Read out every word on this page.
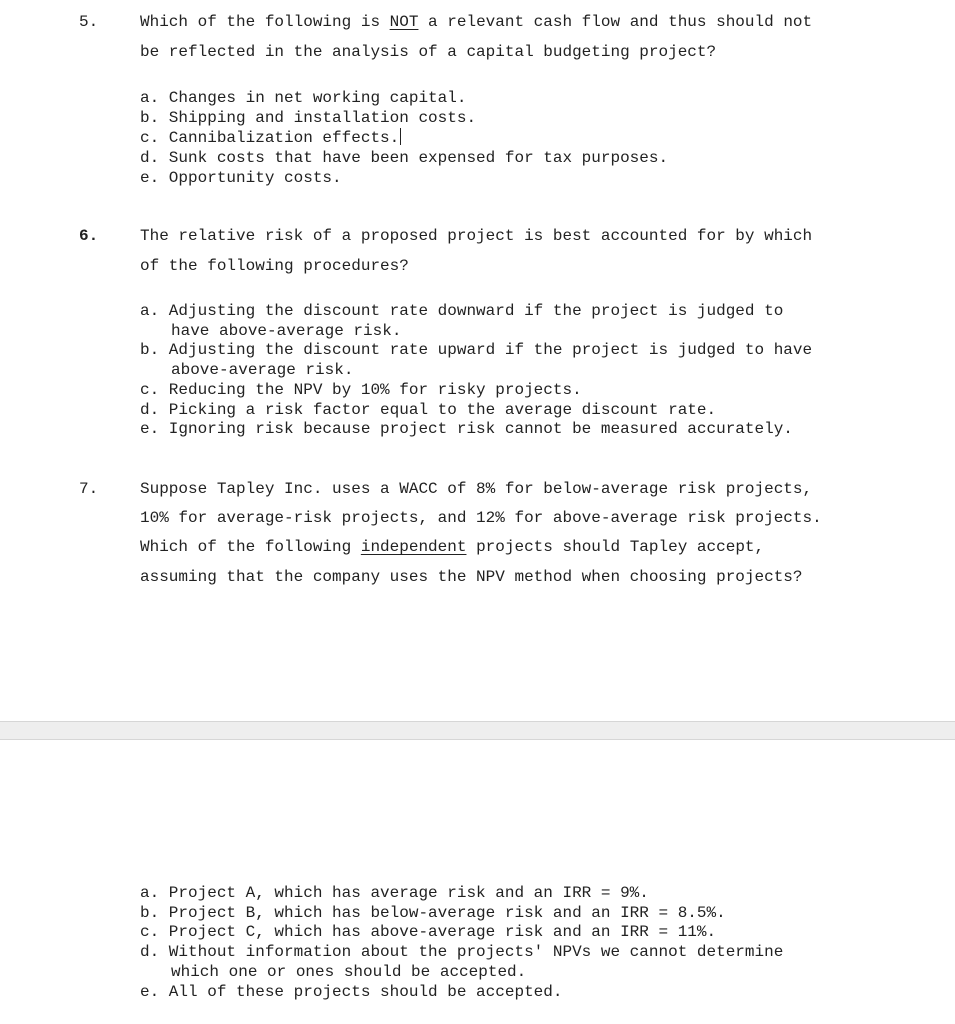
5.	Which of the following is NOT a relevant cash flow and thus should not
be reflected in the analysis of a capital budgeting project?
a. Changes in net working capital.
b. Shipping and installation costs.
c. Cannibalization effects.
d. Sunk costs that have been expensed for tax purposes.
e. Opportunity costs.
6.	The relative risk of a proposed project is best accounted for by which
of the following procedures?
a. Adjusting the discount rate downward if the project is judged to
have above-average risk.
b. Adjusting the discount rate upward if the project is judged to have
above-average risk.
c. Reducing the NPV by 10% for risky projects.
d. Picking a risk factor equal to the average discount rate.
e. Ignoring risk because project risk cannot be measured accurately.
7.	Suppose Tapley Inc. uses a WACC of 8% for below-average risk projects,
10% for average-risk projects, and 12% for above-average risk projects.
Which of the following independent projects should Tapley accept,
assuming that the company uses the NPV method when choosing projects?
a. Project A, which has average risk and an IRR = 9%.
b. Project B, which has below-average risk and an IRR = 8.5%.
c. Project C, which has above-average risk and an IRR = 11%.
d. Without information about the projects' NPVs we cannot determine
which one or ones should be accepted.
e. All of these projects should be accepted.
